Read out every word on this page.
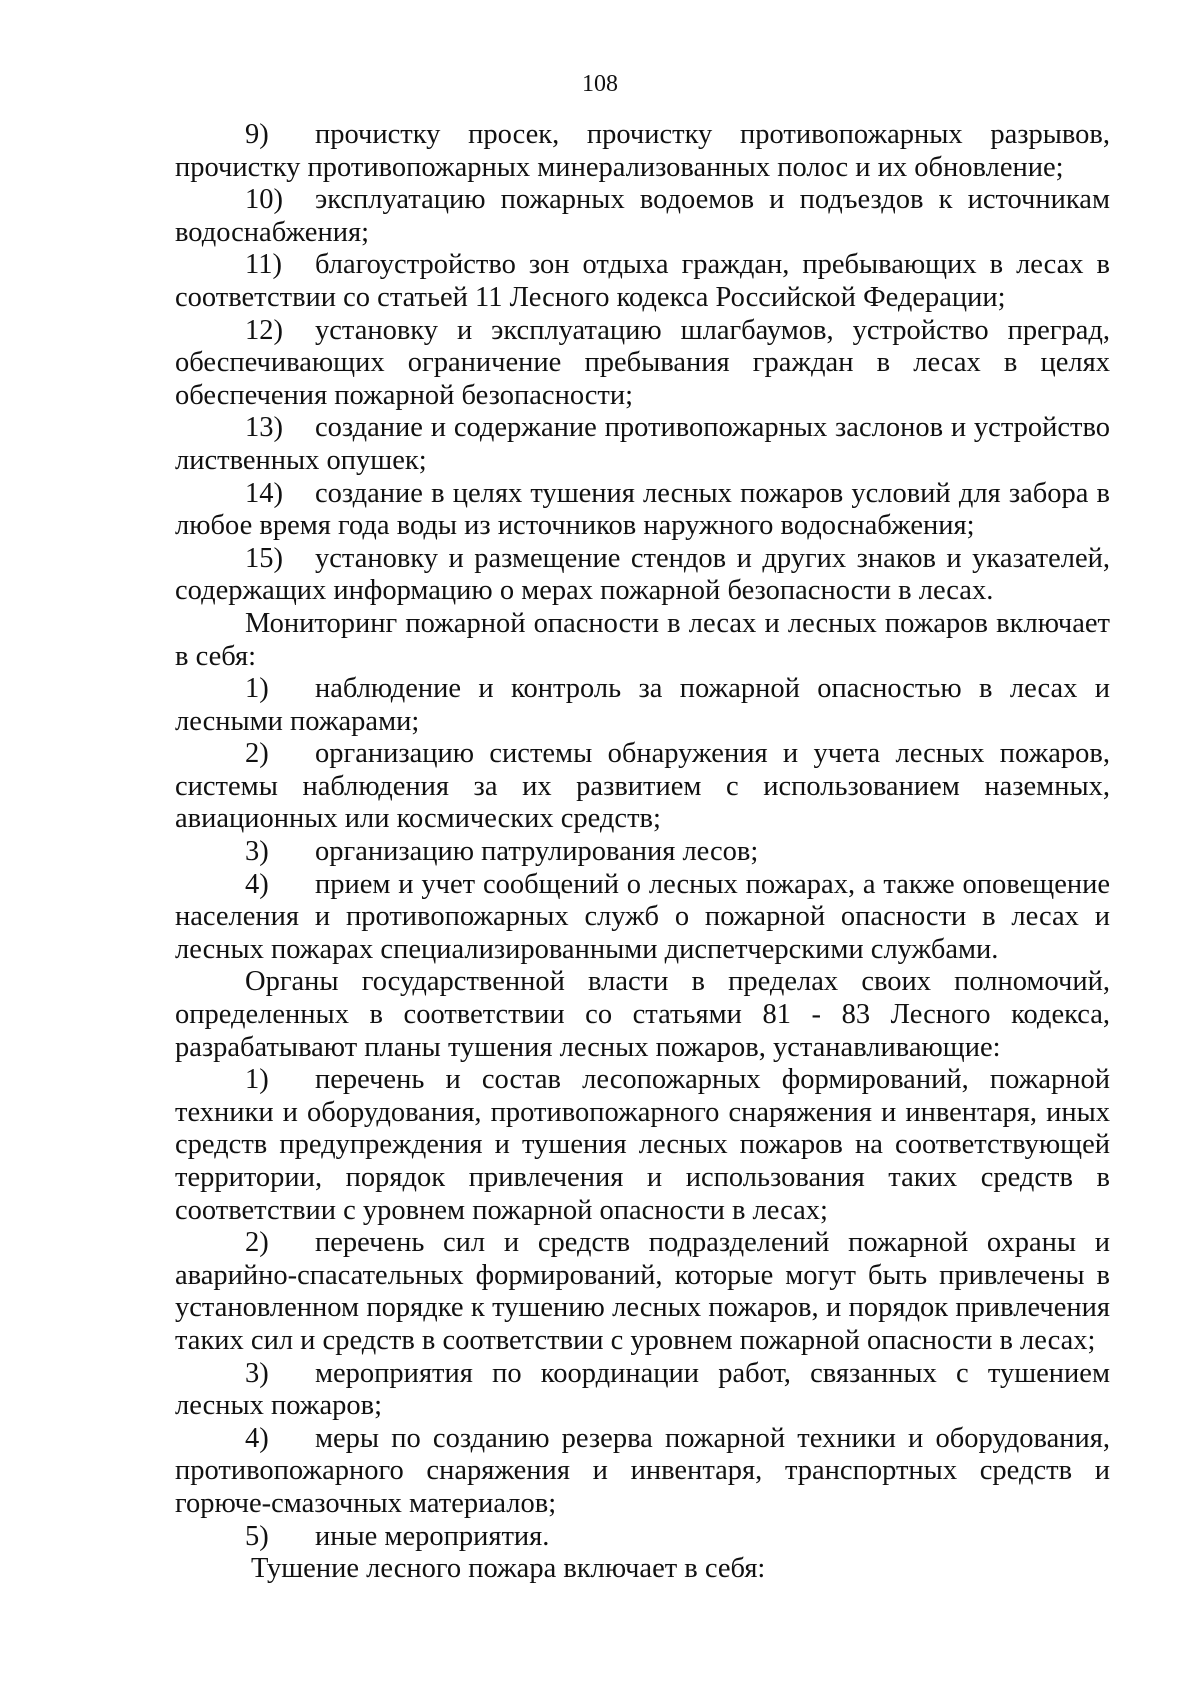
108

9) прочистку просек, прочистку противопожарных разрывов, прочистку противопожарных минерализованных полос и их обновление;

10) эксплуатацию пожарных водоемов и подъездов к источникам водоснабжения;

11) благоустройство зон отдыха граждан, пребывающих в лесах в соответствии со статьей 11 Лесного кодекса Российской Федерации;

12) установку и эксплуатацию шлагбаумов, устройство преград, обеспечивающих ограничение пребывания граждан в лесах в целях обеспечения пожарной безопасности;

13) создание и содержание противопожарных заслонов и устройство лиственных опушек;

14) создание в целях тушения лесных пожаров условий для забора в любое время года воды из источников наружного водоснабжения;

15) установку и размещение стендов и других знаков и указателей, содержащих информацию о мерах пожарной безопасности в лесах.

Мониторинг пожарной опасности в лесах и лесных пожаров включает в себя:

1) наблюдение и контроль за пожарной опасностью в лесах и лесными пожарами;

2) организацию системы обнаружения и учета лесных пожаров, системы наблюдения за их развитием с использованием наземных, авиационных или космических средств;

3) организацию патрулирования лесов;

4) прием и учет сообщений о лесных пожарах, а также оповещение населения и противопожарных служб о пожарной опасности в лесах и лесных пожарах специализированными диспетчерскими службами.

Органы государственной власти в пределах своих полномочий, определенных в соответствии со статьями 81 - 83 Лесного кодекса, разрабатывают планы тушения лесных пожаров, устанавливающие:

1) перечень и состав лесопожарных формирований, пожарной техники и оборудования, противопожарного снаряжения и инвентаря, иных средств предупреждения и тушения лесных пожаров на соответствующей территории, порядок привлечения и использования таких средств в соответствии с уровнем пожарной опасности в лесах;

2) перечень сил и средств подразделений пожарной охраны и аварийно-спасательных формирований, которые могут быть привлечены в установленном порядке к тушению лесных пожаров, и порядок привлечения таких сил и средств в соответствии с уровнем пожарной опасности в лесах;

3) мероприятия по координации работ, связанных с тушением лесных пожаров;

4) меры по созданию резерва пожарной техники и оборудования, противопожарного снаряжения и инвентаря, транспортных средств и горюче-смазочных материалов;

5) иные мероприятия.

Тушение лесного пожара включает в себя:
